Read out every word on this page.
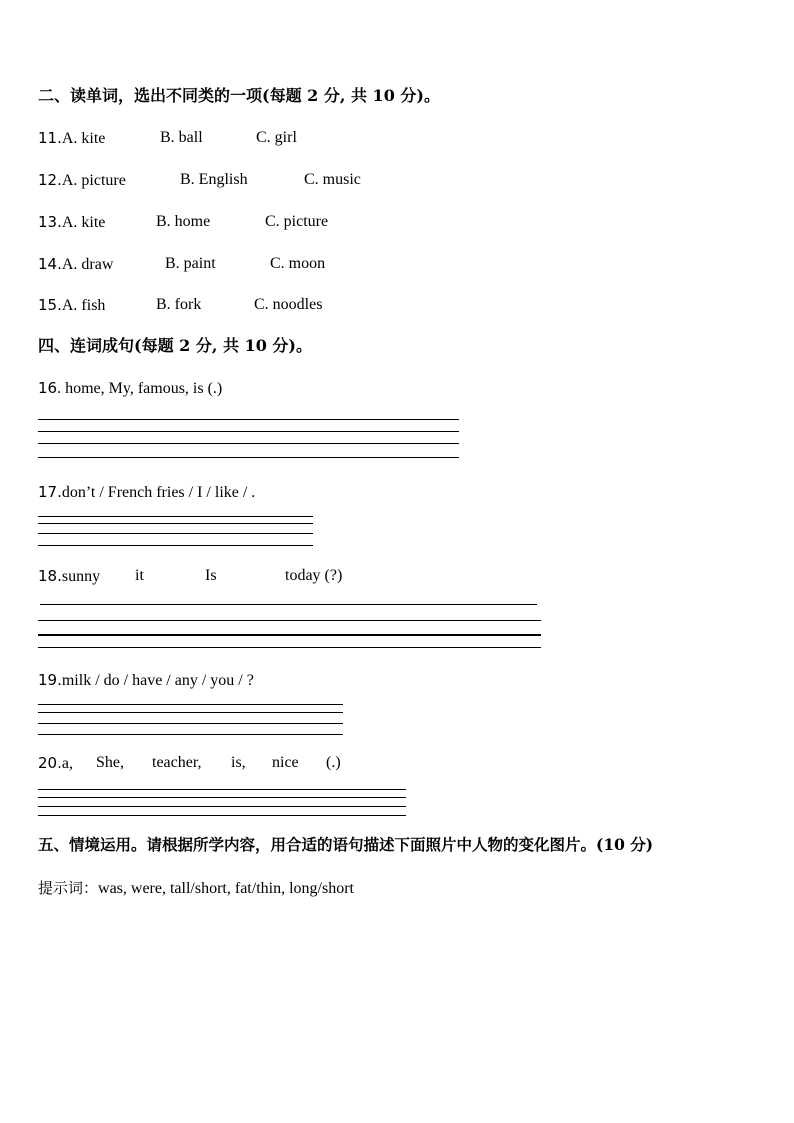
二、读单词，选出不同类的一项(每题 2 分, 共 10 分)。
11.A. kite	B. ball	C. girl
12.A. picture	B. English	C. music
13.A. kite	B. home	C. picture
14.A. draw	B. paint	C. moon
15.A. fish	B. fork	C. noodles
四、连词成句(每题 2 分, 共 10 分)。
16. home, My, famous, is (.)
17.don’t / French fries / I / like / .
18.sunny it	Is	today (?)
19.milk / do / have / any / you / ?
20.a, She, teacher, is, nice (.)
五、情境运用。请根据所学内容，用合适的语句描述下面照片中人物的变化图片。(10 分)
提示词：was, were, tall/short, fat/thin, long/short
